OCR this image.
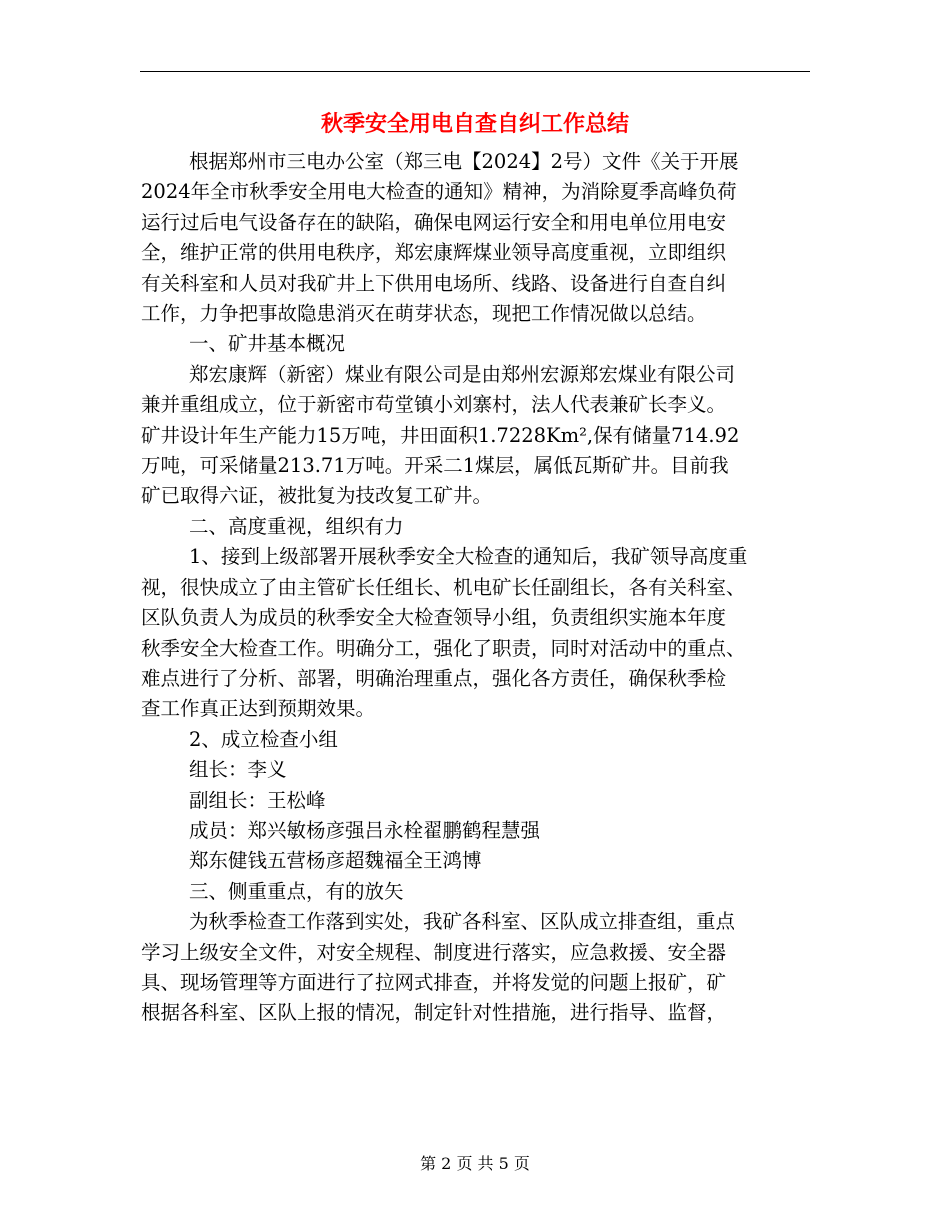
秋季安全用电自查自纠工作总结

根据郑州市三电办公室（郑三电【2024】2号）文件《关于开展

2024年全市秋季安全用电大检查的通知》精神，为消除夏季高峰负荷

运行过后电气设备存在的缺陷，确保电网运行安全和用电单位用电安

全，维护正常的供用电秩序，郑宏康辉煤业领导高度重视，立即组织

有关科室和人员对我矿井上下供用电场所、线路、设备进行自查自纠

工作，力争把事故隐患消灭在萌芽状态，现把工作情况做以总结。

一、矿井基本概况

郑宏康辉（新密）煤业有限公司是由郑州宏源郑宏煤业有限公司

兼并重组成立，位于新密市苟堂镇小刘寨村，法人代表兼矿长李义。

矿井设计年生产能力15万吨，井田面积1.7228Km²,保有储量714.92

万吨，可采储量213.71万吨。开采二1煤层，属低瓦斯矿井。目前我

矿已取得六证，被批复为技改复工矿井。

二、高度重视，组织有力

1、接到上级部署开展秋季安全大检查的通知后，我矿领导高度重

视，很快成立了由主管矿长任组长、机电矿长任副组长，各有关科室、

区队负责人为成员的秋季安全大检查领导小组，负责组织实施本年度

秋季安全大检查工作。明确分工，强化了职责，同时对活动中的重点、

难点进行了分析、部署，明确治理重点，强化各方责任，确保秋季检

查工作真正达到预期效果。

2、成立检查小组

组长：李义

副组长：王松峰

成员：郑兴敏杨彦强吕永栓翟鹏鹤程慧强

郑东健钱五营杨彦超魏福全王鸿博

三、侧重重点，有的放矢

为秋季检查工作落到实处，我矿各科室、区队成立排查组，重点

学习上级安全文件，对安全规程、制度进行落实，应急救援、安全器

具、现场管理等方面进行了拉网式排查，并将发觉的问题上报矿，矿

根据各科室、区队上报的情况，制定针对性措施，进行指导、监督，

第 2 页 共 5 页
